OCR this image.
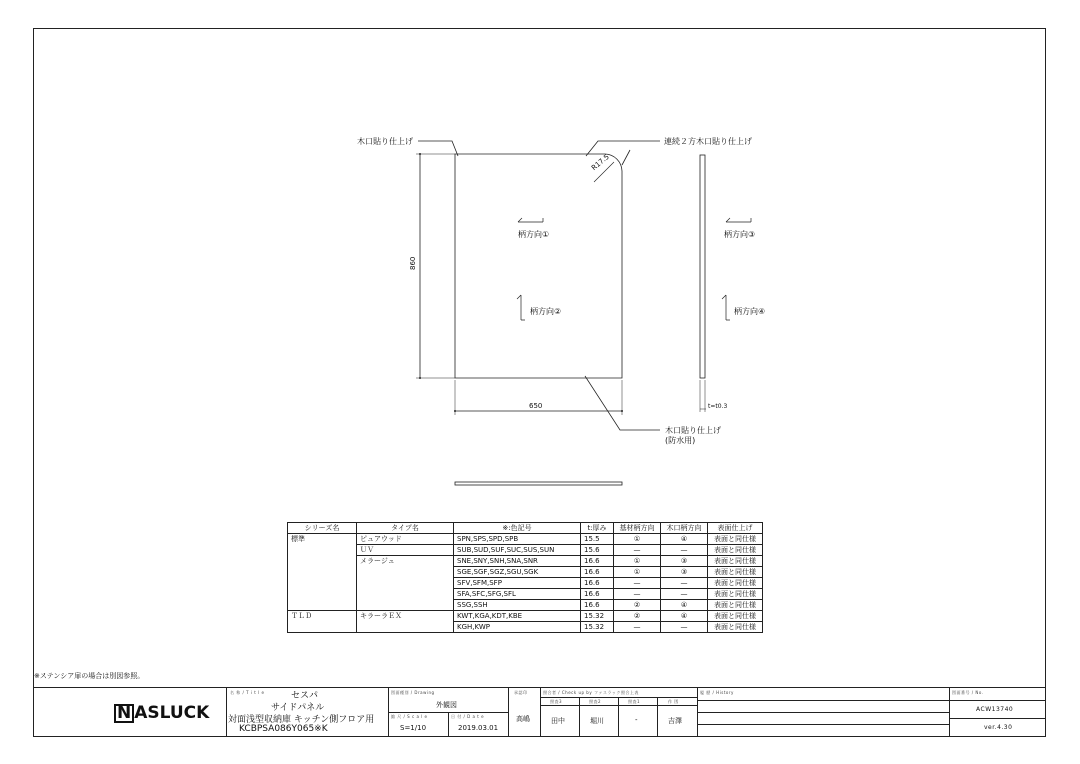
木口貼り仕上げ	連続２方木口貼り仕上げ
R17.5
柄方向①
柄方向②
柄方向③
柄方向④
860
650	t=t0.3
木口貼り仕上げ
(防水用)
シリーズ名	タイプ名	※:色記号	t:厚み	基材柄方向	木口柄方向	表面仕上げ
標準	ピュアウッド	SPN,SPS,SPD,SPB	15.5	①	④	表面と同仕様
	ＵＶ	SUB,SUD,SUF,SUC,SUS,SUN	15.6	—	—	表面と同仕様
	メラージュ	SNE,SNY,SNH,SNA,SNR	16.6	①	③	表面と同仕様
		SGE,SGF,SGZ,SGU,SGK	16.6	①	③	表面と同仕様
		SFV,SFM,SFP	16.6	—	—	表面と同仕様
		SFA,SFC,SFG,SFL	16.6	—	—	表面と同仕様
		SSG,SSH	16.6	②	④	表面と同仕様
ＴＬＤ	キラーラＥＸ	KWT,KGA,KDT,KBE	15.32	②	④	表面と同仕様
		KGH,KWP	15.32	—	—	表面と同仕様
※ステンシア扉の場合は別図参照。
N ASLUCK
名 称 / T i t l e	セスパ
サイドパネル
対面浅型収納庫 キッチン側フロア用
KCBPSA086Y065※K
図面種別 / Drawing
外観図
縮 尺 / S c a l e
S=1/10
日 付 / D a t e
2019.03.01
承認印
高嶋
照合者 / Check up by ファスラック照合上表
照査3	照査2	照査1	作 図
田中	堀川	-	吉澤
履 歴 / History	図面番号 / No.
ACW13740
ver.4.30
